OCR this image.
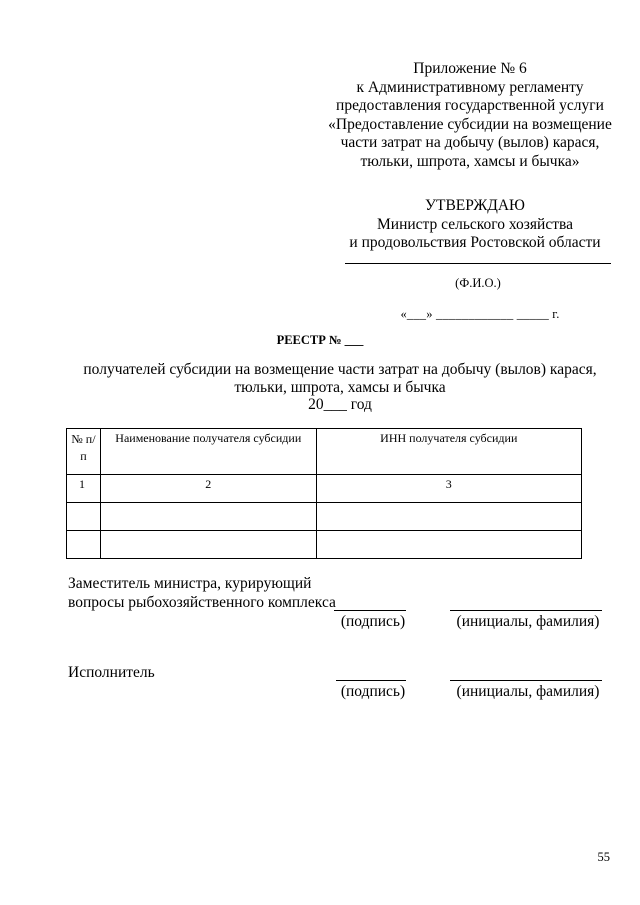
Приложение № 6
к Административному регламенту
предоставления государственной услуги
«Предоставление субсидии на возмещение
части затрат на добычу (вылов) карася,
тюльки, шпрота, хамсы и бычка»
УТВЕРЖДАЮ
Министр сельского хозяйства
и продовольствия Ростовской области
(Ф.И.О.)
«___» ____________ _____ г.
РЕЕСТР № ___
получателей субсидии на возмещение части затрат на добычу (вылов) карася,
тюльки, шпрота, хамсы и бычка
20___ год
№ п/п	Наименование получателя субсидии	ИНН получателя субсидии
1	2	3

Заместитель министра, курирующий
вопросы рыбохозяйственного комплекса
(подпись)	(инициалы, фамилия)
Исполнитель
(подпись)	(инициалы, фамилия)
55
